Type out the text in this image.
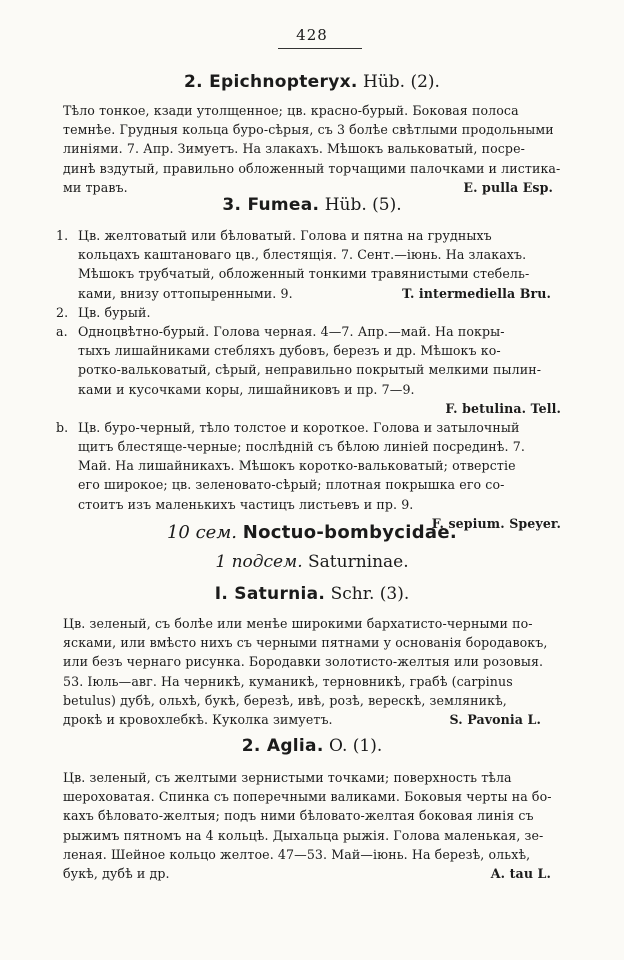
428
2. Epichnopteryx. Hüb. (2).
Тѣло тонкое, кзади утолщенное; цв. красно-бурый. Боковая полоса
темнѣе. Грудныя кольца буро-сѣрыя, съ 3 болѣе свѣтлыми продольными
линіями. 7. Апр. Зимуетъ. На злакахъ. Мѣшокъ вальковатый, посре-
динѣ вздутый, правильно обложенный торчащими палочками и листика-
ми травъ.	E. pulla Esp.
3. Fumea. Hüb. (5).
1. Цв. желтоватый или бѣловатый. Голова и пятна на грудныхъ
кольцахъ каштановаго цв., блестящія. 7. Сент.—іюнь. На злакахъ.
Мѣшокъ трубчатый, обложенный тонкими травянистыми стебель-
ками, внизу оттопыренными. 9.	T. intermediella Bru.
2. Цв. бурый.
a. Одноцвѣтно-бурый. Голова черная. 4—7. Апр.—май. На покры-
тыхъ лишайниками стебляхъ дубовъ, березъ и др. Мѣшокъ ко-
ротко-вальковатый, сѣрый, неправильно покрытый мелкими пылин-
ками и кусочками коры, лишайниковъ и пр. 7—9.
F. betulina. Tell.
b. Цв. буро-черный, тѣло толстое и короткое. Голова и затылочный
щитъ блестяще-черные; послѣдній съ бѣлою линіей посрединѣ. 7.
Май. На лишайникахъ. Мѣшокъ коротко-вальковатый; отверстіе
его широкое; цв. зеленовато-сѣрый; плотная покрышка его со-
стоитъ изъ маленькихъ частицъ листьевъ и пр. 9.
F. sepium. Speyer.
10 сем. Noctuo-bombycidae.
1 подсем. Saturninae.
I. Saturnia. Schr. (3).
Цв. зеленый, съ болѣе или менѣе широкими бархатисто-черными по-
ясками, или вмѣсто нихъ съ черными пятнами у основанія бородавокъ,
или безъ чернаго рисунка. Бородавки золотисто-желтыя или розовыя.
53. Іюль—авг. На черникѣ, куманикѣ, терновникѣ, грабѣ (carpinus
betulus) дубѣ, ольхѣ, букѣ, березѣ, ивѣ, розѣ, верескѣ, земляникѣ,
дрокѣ и кровохлебкѣ. Куколка зимуетъ.	S. Pavonia L.
2. Aglia. O. (1).
Цв. зеленый, съ желтыми зернистыми точками; поверхность тѣла
шероховатая. Спинка съ поперечными валиками. Боковыя черты на бо-
кахъ бѣловато-желтыя; подъ ними бѣловато-желтая боковая линія съ
рыжимъ пятномъ на 4 кольцѣ. Дыхальца рыжія. Голова маленькая, зе-
леная. Шейное кольцо желтое. 47—53. Май—іюнь. На березѣ, ольхѣ,
букѣ, дубѣ и др.	A. tau L.
